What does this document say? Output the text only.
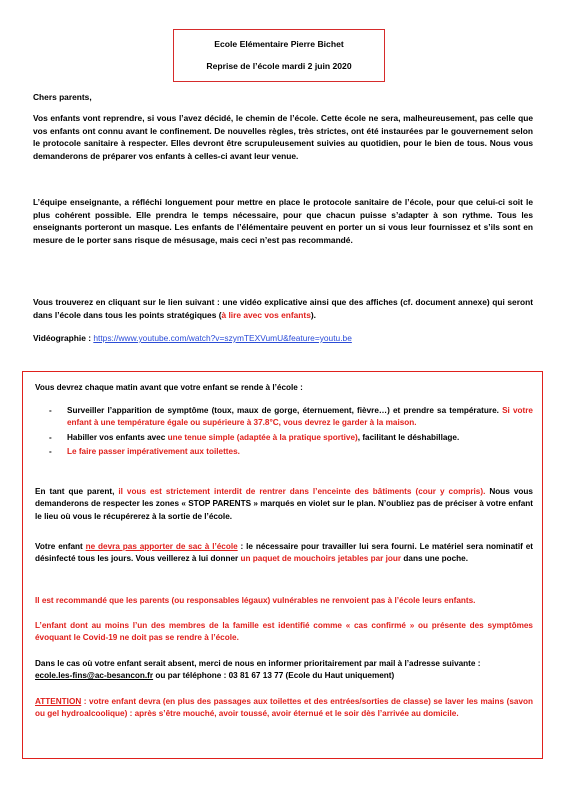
Ecole Elémentaire Pierre Bichet
Reprise de l’école mardi 2 juin 2020
Chers parents,
Vos enfants vont reprendre, si vous l’avez décidé, le chemin de l’école. Cette école ne sera, malheureusement, pas celle que vos enfants ont connu avant le confinement. De nouvelles règles, très strictes, ont été instaurées par le gouvernement selon le protocole sanitaire à respecter. Elles devront être scrupuleusement suivies au quotidien, pour le bien de tous. Nous vous demanderons de préparer vos enfants à celles-ci avant leur venue.
L’équipe enseignante, a réfléchi longuement pour mettre en place le protocole sanitaire de l’école, pour que celui-ci soit le plus cohérent possible. Elle prendra le temps nécessaire, pour que chacun puisse s’adapter à son rythme. Tous les enseignants porteront un masque. Les enfants de l’élémentaire peuvent en porter un si vous leur fournissez et s’ils sont en mesure de le porter sans risque de mésusage, mais ceci n’est pas recommandé.
Vous trouverez en cliquant sur le lien suivant : une vidéo explicative ainsi que des affiches (cf. document annexe) qui seront dans l’école dans tous les points stratégiques (à lire avec vos enfants).
Vidéographie : https://www.youtube.com/watch?v=szymTEXVumU&feature=youtu.be
Vous devrez chaque matin avant que votre enfant se rende à l’école :
- Surveiller l’apparition de symptôme (toux, maux de gorge, éternuement, fièvre…) et prendre sa température. Si votre enfant à une température égale ou supérieure à 37.8°C, vous devrez le garder à la maison.
- Habiller vos enfants avec une tenue simple (adaptée à la pratique sportive), facilitant le déshabillage.
- Le faire passer impérativement aux toilettes.
En tant que parent, il vous est strictement interdit de rentrer dans l’enceinte des bâtiments (cour y compris). Nous vous demanderons de respecter les zones « STOP PARENTS » marqués en violet sur le plan. N’oubliez pas de préciser à votre enfant le lieu où vous le récupérerez à la sortie de l’école.
Votre enfant ne devra pas apporter de sac à l’école : le nécessaire pour travailler lui sera fourni. Le matériel sera nominatif et désinfecté tous les jours. Vous veillerez à lui donner un paquet de mouchoirs jetables par jour dans une poche.
Il est recommandé que les parents (ou responsables légaux) vulnérables ne renvoient pas à l’école leurs enfants.
L’enfant dont au moins l’un des membres de la famille est identifié comme « cas confirmé » ou présente des symptômes évoquant le Covid-19 ne doit pas se rendre à l’école.
Dans le cas où votre enfant serait absent, merci de nous en informer prioritairement par mail à l’adresse suivante :
ecole.les-fins@ac-besancon.fr ou par téléphone : 03 81 67 13 77 (Ecole du Haut uniquement)
ATTENTION : votre enfant devra (en plus des passages aux toilettes et des entrées/sorties de classe) se laver les mains (savon ou gel hydroalcoolique) : après s’être mouché, avoir toussé, avoir éternué et le soir dès l’arrivée au domicile.
